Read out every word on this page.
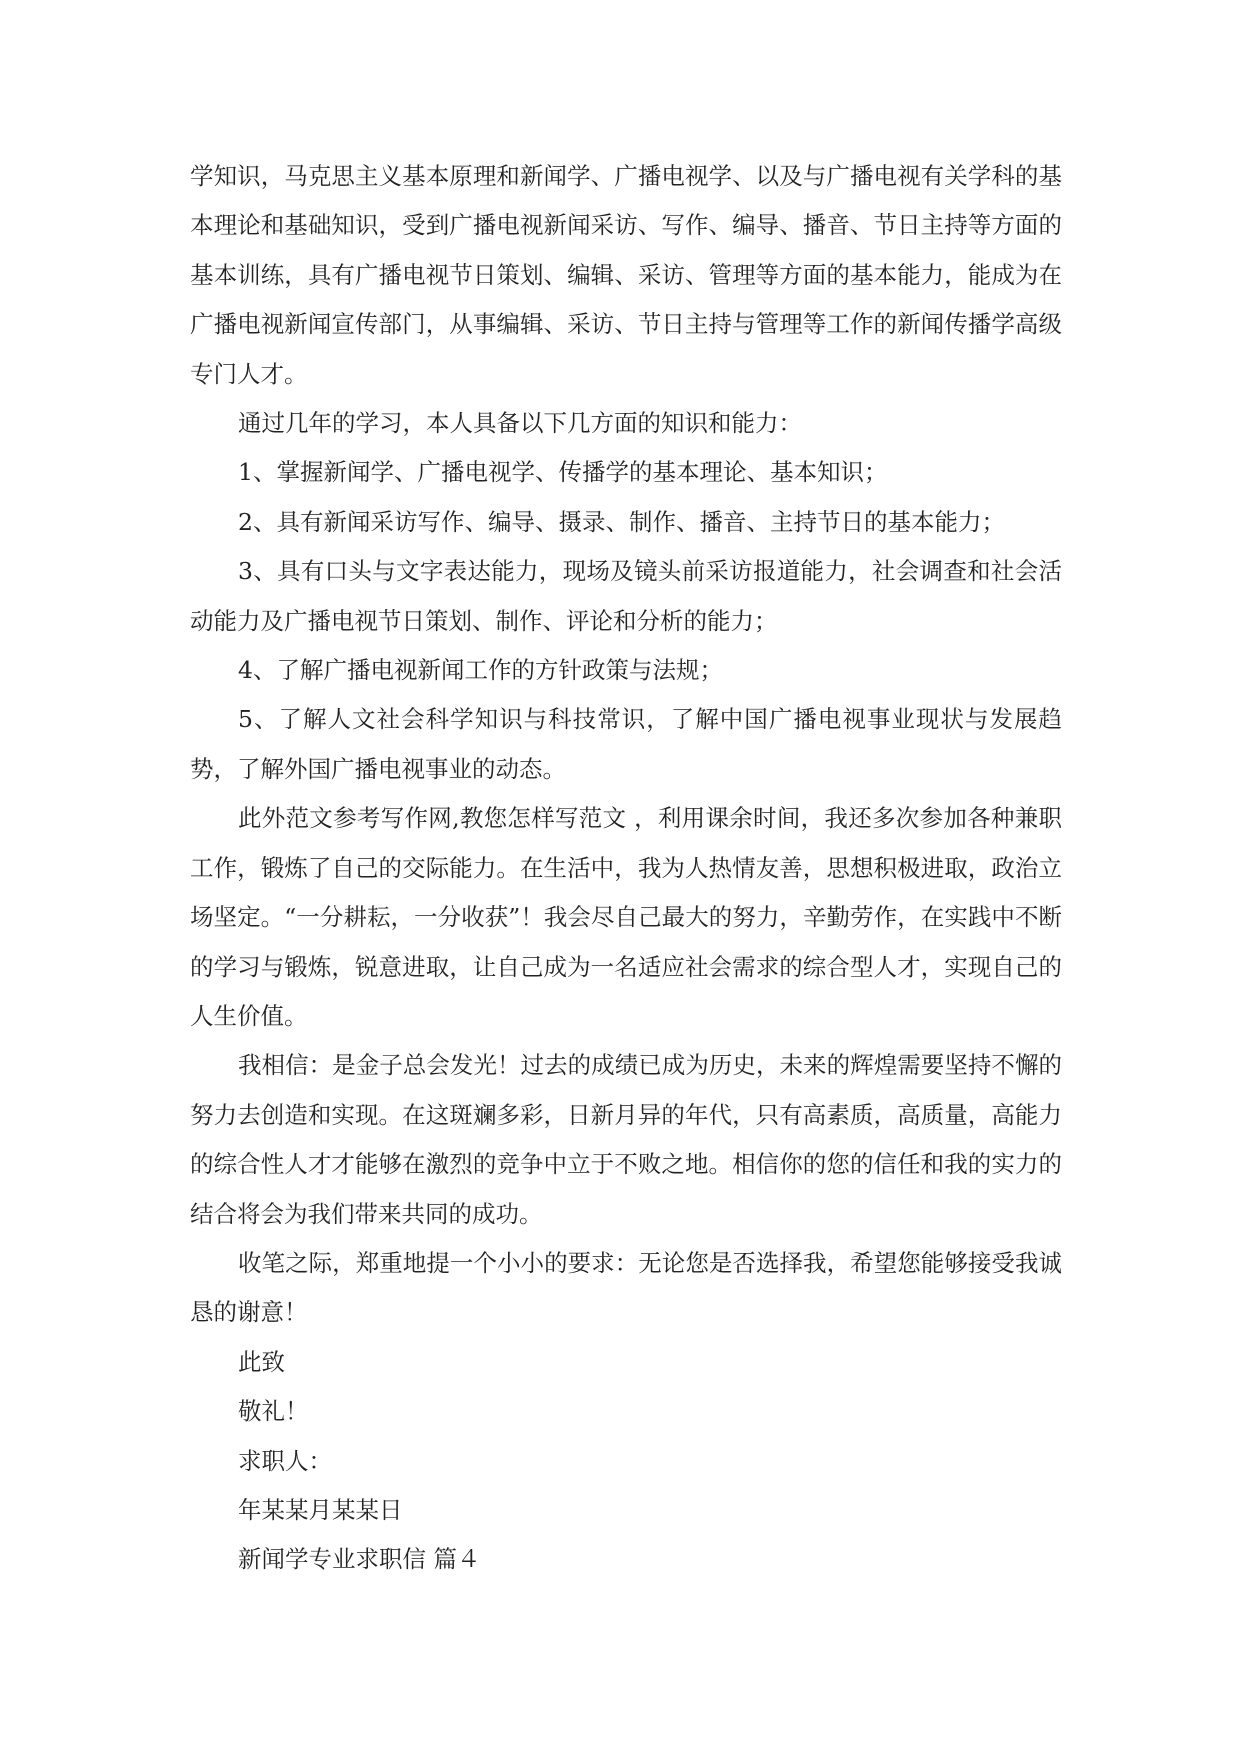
学知识，马克思主义基本原理和新闻学、广播电视学、以及与广播电视有关学科的基本理论和基础知识，受到广播电视新闻采访、写作、编导、播音、节日主持等方面的基本训练，具有广播电视节日策划、编辑、采访、管理等方面的基本能力，能成为在广播电视新闻宣传部门，从事编辑、采访、节日主持与管理等工作的新闻传播学高级专门人才。

通过几年的学习，本人具备以下几方面的知识和能力：

1、掌握新闻学、广播电视学、传播学的基本理论、基本知识；

2、具有新闻采访写作、编导、摄录、制作、播音、主持节日的基本能力；

3、具有口头与文字表达能力，现场及镜头前采访报道能力，社会调查和社会活动能力及广播电视节日策划、制作、评论和分析的能力；

4、了解广播电视新闻工作的方针政策与法规；

5、了解人文社会科学知识与科技常识，了解中国广播电视事业现状与发展趋势，了解外国广播电视事业的动态。

此外范文参考写作网,教您怎样写范文 ，利用课余时间，我还多次参加各种兼职工作，锻炼了自己的交际能力。在生活中，我为人热情友善，思想积极进取，政治立场坚定。“一分耕耘，一分收获”！我会尽自己最大的努力，辛勤劳作，在实践中不断的学习与锻炼，锐意进取，让自己成为一名适应社会需求的综合型人才，实现自己的人生价值。

我相信：是金子总会发光！过去的成绩已成为历史，未来的辉煌需要坚持不懈的努力去创造和实现。在这斑斓多彩，日新月异的年代，只有高素质，高质量，高能力的综合性人才才能够在激烈的竞争中立于不败之地。相信你的您的信任和我的实力的结合将会为我们带来共同的成功。

收笔之际，郑重地提一个小小的要求：无论您是否选择我，希望您能够接受我诚恳的谢意！

此致

敬礼！

求职人：

年某某月某某日

新闻学专业求职信 篇４
